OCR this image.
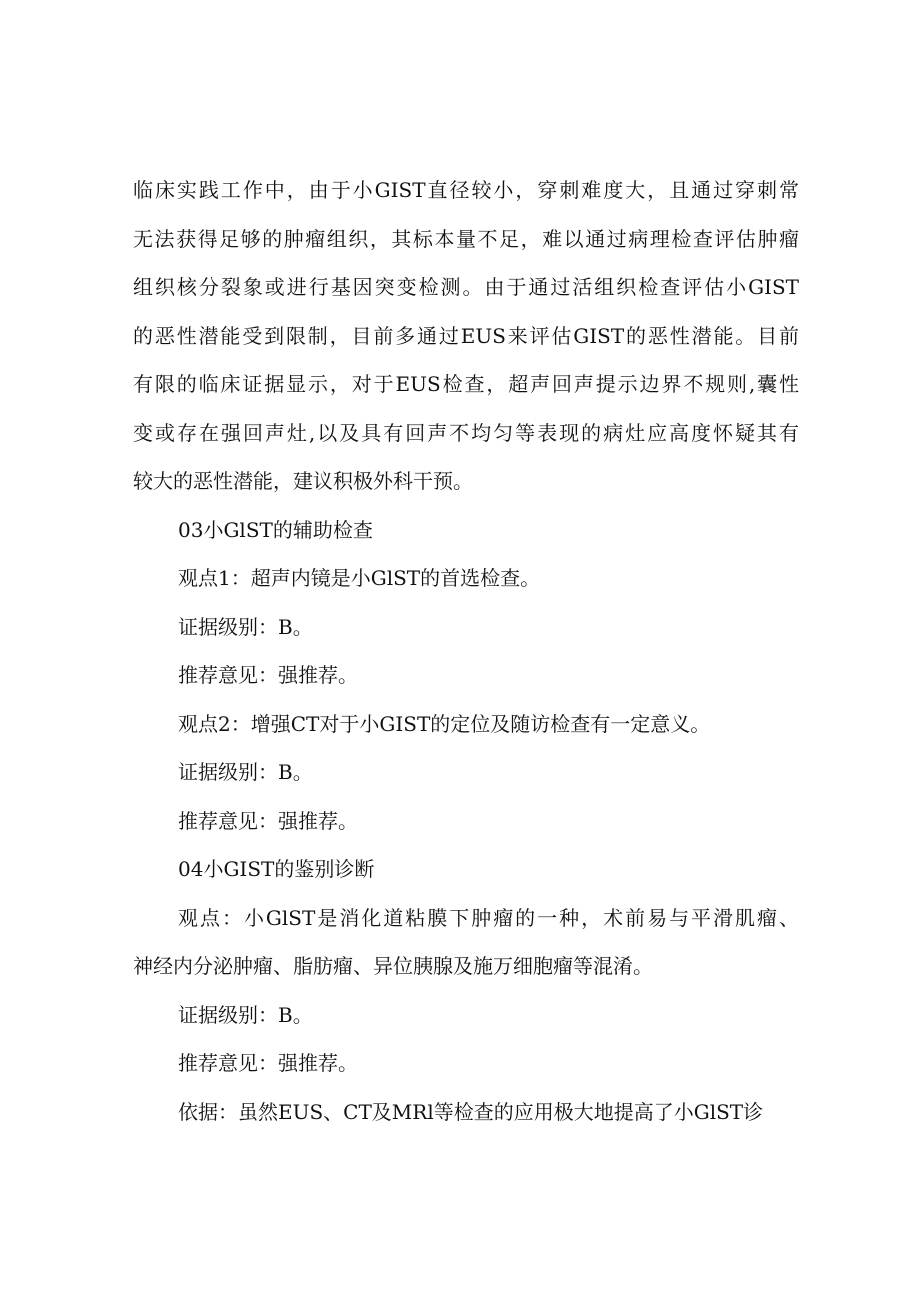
临床实践工作中，由于小GIST直径较小，穿刺难度大，且通过穿刺常
无法获得足够的肿瘤组织，其标本量不足，难以通过病理检查评估肿瘤
组织核分裂象或进行基因突变检测。由于通过活组织检查评估小GIST
的恶性潜能受到限制，目前多通过EUS来评估GIST的恶性潜能。目前
有限的临床证据显示，对于EUS检查，超声回声提示边界不规则,囊性
变或存在强回声灶,以及具有回声不均匀等表现的病灶应高度怀疑其有
较大的恶性潜能，建议积极外科干预。
03小GlST的辅助检查
观点1：超声内镜是小GlST的首选检查。
证据级别：B。
推荐意见：强推荐。
观点2：增强CT对于小GIST的定位及随访检查有一定意义。
证据级别：B。
推荐意见：强推荐。
04小GIST的鉴别诊断
观点：小GlST是消化道粘膜下肿瘤的一种，术前易与平滑肌瘤、
神经内分泌肿瘤、脂肪瘤、异位胰腺及施万细胞瘤等混淆。
证据级别：B。
推荐意见：强推荐。
依据：虽然EUS、CT及MRl等检查的应用极大地提高了小GlST诊
